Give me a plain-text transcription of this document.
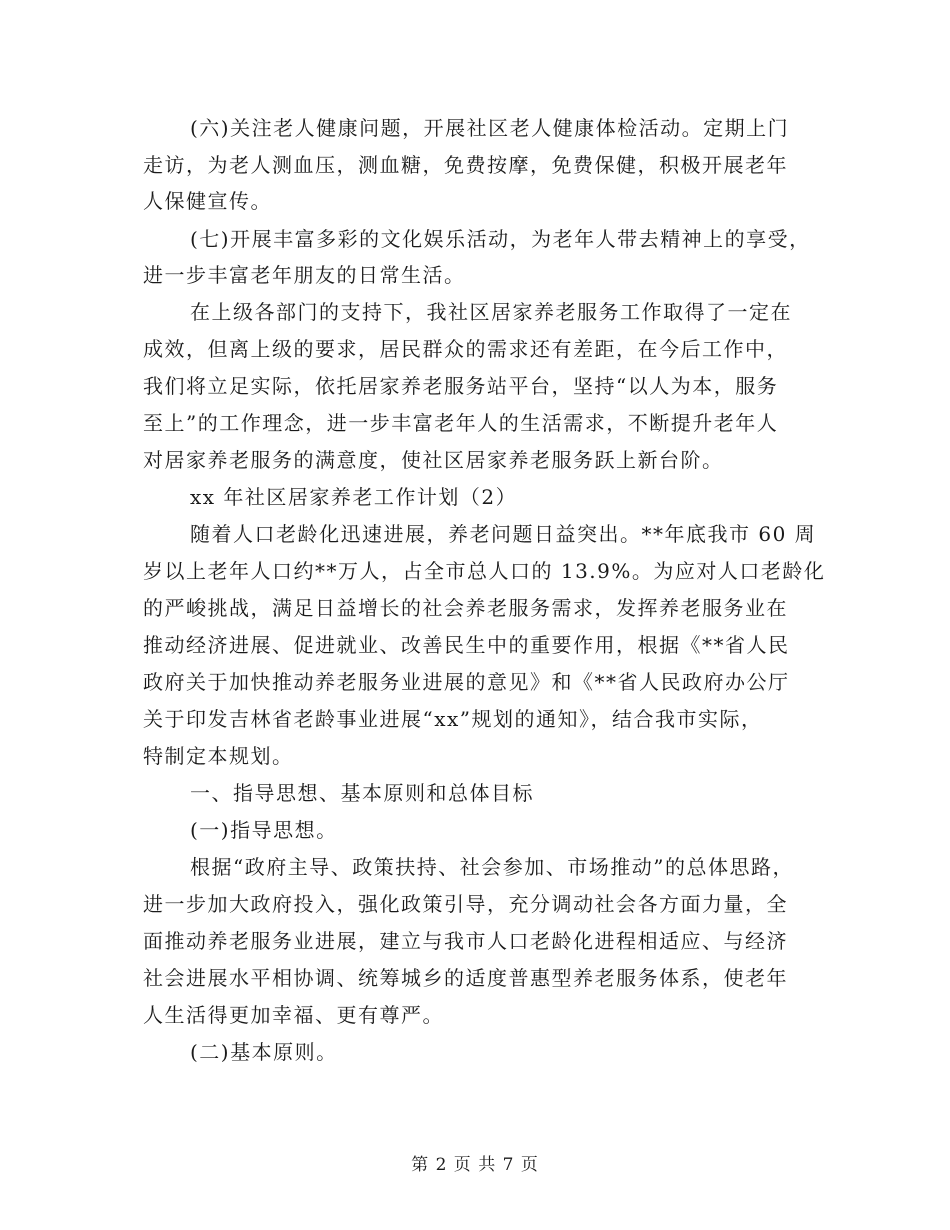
(六)关注老人健康问题，开展社区老人健康体检活动。定期上门
走访，为老人测血压，测血糖，免费按摩，免费保健，积极开展老年
人保健宣传。
(七)开展丰富多彩的文化娱乐活动，为老年人带去精神上的享受，
进一步丰富老年朋友的日常生活。
在上级各部门的支持下，我社区居家养老服务工作取得了一定在
成效，但离上级的要求，居民群众的需求还有差距，在今后工作中，
我们将立足实际，依托居家养老服务站平台，坚持“以人为本，服务
至上”的工作理念，进一步丰富老年人的生活需求，不断提升老年人
对居家养老服务的满意度，使社区居家养老服务跃上新台阶。
xx 年社区居家养老工作计划（2）
随着人口老龄化迅速进展，养老问题日益突出。**年底我市 60 周
岁以上老年人口约**万人，占全市总人口的 13.9%。为应对人口老龄化
的严峻挑战，满足日益增长的社会养老服务需求，发挥养老服务业在
推动经济进展、促进就业、改善民生中的重要作用，根据《**省人民
政府关于加快推动养老服务业进展的意见》和《**省人民政府办公厅
关于印发吉林省老龄事业进展“xx”规划的通知》，结合我市实际，
特制定本规划。
一、指导思想、基本原则和总体目标
(一)指导思想。
根据“政府主导、政策扶持、社会参加、市场推动”的总体思路，
进一步加大政府投入，强化政策引导，充分调动社会各方面力量，全
面推动养老服务业进展，建立与我市人口老龄化进程相适应、与经济
社会进展水平相协调、统筹城乡的适度普惠型养老服务体系，使老年
人生活得更加幸福、更有尊严。
(二)基本原则。
第 2 页 共 7 页
